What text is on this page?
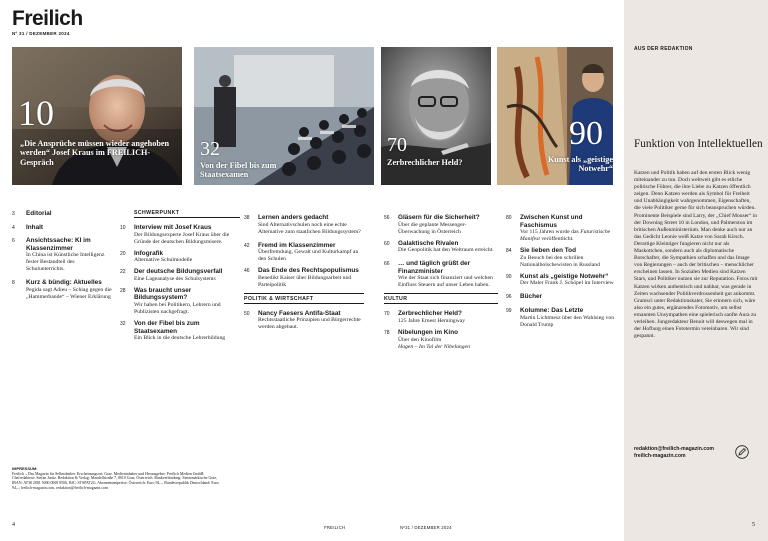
Freilich
Nº 31 / DEZEMBER 2024
10
„Die Ansprüche müssen wieder angehoben werden“ Josef Kraus im FREILICH-Gespräch
32
Von der Fibel bis zum Staatsexamen
70
Zerbrechlicher Held?
90
Kunst als „geistige Notwehr“
3	Editorial
4	Inhalt
6	Ansichtssache: KI im Klassenzimmer
In China ist Künstliche Intelligenz fester Bestandteil des Schulunterrichts.
8	Kurz & bündig: Aktuelles
Pegida sagt Adieu – Schlag gegen die „Hammerbande“ – Wiener Erklärung
SCHWERPUNKT
10	Interview mit Josef Kraus
Der Bildungsexperte Josef Kraus über die Gründe der deutschen Bildungsmisere.
20	Infografik
Alternative Schulmodelle
22	Der deutsche Bildungsverfall
Eine Lageanalyse des Schulsystems
28	Was braucht unser Bildungssystem?
Wir haben bei Politikern, Lehrern und Publizisten nachgefragt.
32	Von der Fibel bis zum Staatsexamen
Ein Blick in die deutsche Lehrerbildung
38	Lernen anders gedacht
Sind Alternativschulen noch eine echte Alternative zum staatlichen Bildungssystem?
42	Fremd im Klassenzimmer
Überfremdung, Gewalt und Kulturkampf an den Schulen
46	Das Ende des Rechtspopulismus
Benedikt Kaiser über Bildungsarbeit und Parteipolitik
POLITIK & WIRTSCHAFT
50	Nancy Faesers Antifa-Staat
Rechtsstaatliche Prinzipien und Bürgerrechte werden abgebaut.
56	Gläsern für die Sicherheit?
Über die geplante Messenger-Überwachung in Österreich
60	Galaktische Rivalen
Die Geopolitik hat den Weltraum erreicht.
66	… und täglich grüßt der Finanzminister
Wie der Staat sich finanziert und welchen Einfluss Steuern auf unser Leben haben.
KULTUR
70	Zerbrechlicher Held?
125 Jahre Ernest Hemingway
78	Nibelungen im Kino
Über den Kinofilm
Hagen – Im Tal der Nibelungen
80	Zwischen Kunst und Faschismus
Vor 115 Jahren wurde das Futuristische Manifest veröffentlicht.
84	Sie lieben den Tod
Zu Besuch bei den schrillen Nationalbolschewisten in Russland
90	Kunst als „geistige Notwehr“
Der Maler Frank J. Schöpel im Interview
96	Bücher
99	Kolumne: Das Letzte
Martin Lichtmesz über den Wahlsieg von Donald Trump
IMPRESSUM:
Freilich – Das Magazin für Selbstdenker. Erscheinungsort: Graz. Medieninhaber und Herausgeber: Freilich Medien GmbH, Chefredakteur: Stefan Juritz. Redaktion & Verlag: Mandellstraße 7, 8010 Graz, Österreich. Bankverbindung: Steiermärkische Graz, IBAN: AT38 2081 5000 0069 8506, BIC: STSPAT2G. Abonnementpreise: Österreich: Euro 94,–, Bundesrepublik Deutschland: Euro 94,–; freilich-magazin.com, redaktion@freilich-magazin.com
4	FREILICH	Nº31 / DEZEMBER 2024
AUS DER REDAKTION
Funktion von Intellektuellen
Katzen und Politik haben auf den ersten Blick wenig miteinander zu tun. Doch weltweit gibt es etliche politische Führer, die ihre Liebe zu Katzen öffentlich zeigen. Denn Katzen werden als Symbol für Freiheit und Unabhängigkeit wahrgenommen, Eigenschaften, die viele Politiker gerne für sich beanspruchen würden. Prominente Beispiele sind Larry, der „Chief Mouser“ in der Downing Street 10 in London, und Palmerston im britischen Außenministerium. Man denke auch nur an das Gedicht Leonie weiß Katze von Sarah Kirsch. Derartige Kleintiger fungieren nicht nur als Maskottchen, sondern auch als diplomatische Botschafter, die Sympathien schaffen und das Image von Regierungen – auch der britischen – menschlicher erscheinen lassen. In Sozialen Medien sind Katzen Stars, und Politiker nutzen sie zur Reputation. Fotos mit Katzen wirken authentisch und nahbar, was gerade in Zeiten wachsender Politikverdrossenheit gut ankommt. Gramsci unter Redaktionskater, Sie erinnern sich, wäre also ein gutes, ergänzendes Fotomotiv, um selbst ernannten Unsympathen eine spielerisch sanfte Aura zu verleihen. Jungredakteur Benoit will deswegen mal in der Hofburg einen Fototermin vereinbaren. Wir sind gespannt.
redaktion@freilich-magazin.com
freilich-magazin.com
5
